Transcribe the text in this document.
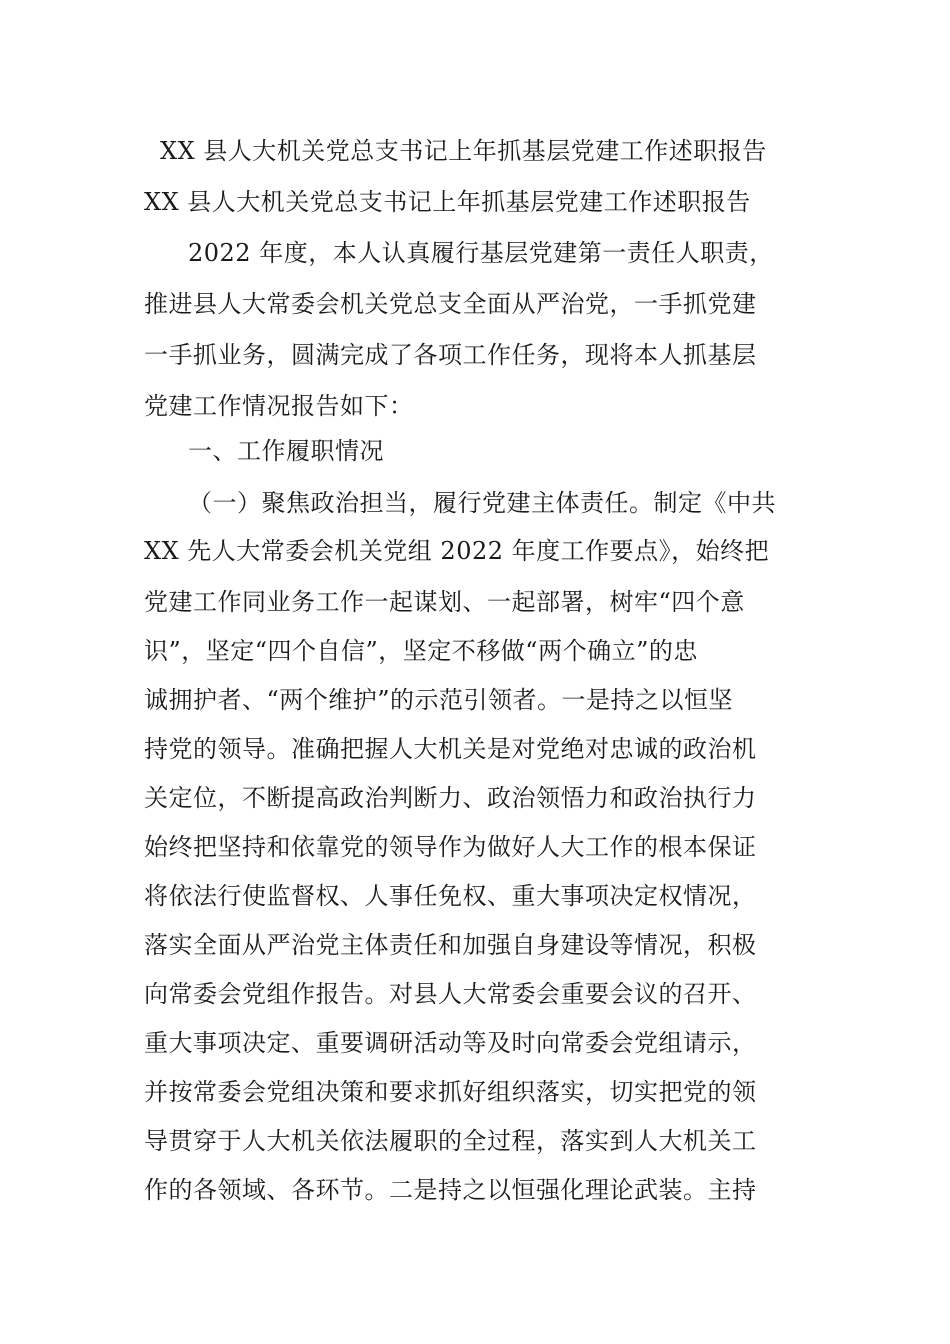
XX 县人大机关党总支书记上年抓基层党建工作述职报告
XX 县人大机关党总支书记上年抓基层党建工作述职报告
2022 年度，本人认真履行基层党建第一责任人职责，
推进县人大常委会机关党总支全面从严治党，一手抓党建
一手抓业务，圆满完成了各项工作任务，现将本人抓基层
党建工作情况报告如下：
一、工作履职情况
（一）聚焦政治担当，履行党建主体责任。制定《中共
XX 先人大常委会机关党组 2022 年度工作要点》，始终把
党建工作同业务工作一起谋划、一起部署，树牢“四个意
识”，坚定“四个自信”，坚定不移做“两个确立”的忠
诚拥护者、“两个维护”的示范引领者。一是持之以恒坚
持党的领导。准确把握人大机关是对党绝对忠诚的政治机
关定位，不断提高政治判断力、政治领悟力和政治执行力
始终把坚持和依靠党的领导作为做好人大工作的根本保证
将依法行使监督权、人事任免权、重大事项决定权情况，
落实全面从严治党主体责任和加强自身建设等情况，积极
向常委会党组作报告。对县人大常委会重要会议的召开、
重大事项决定、重要调研活动等及时向常委会党组请示，
并按常委会党组决策和要求抓好组织落实，切实把党的领
导贯穿于人大机关依法履职的全过程，落实到人大机关工
作的各领域、各环节。二是持之以恒强化理论武装。主持
